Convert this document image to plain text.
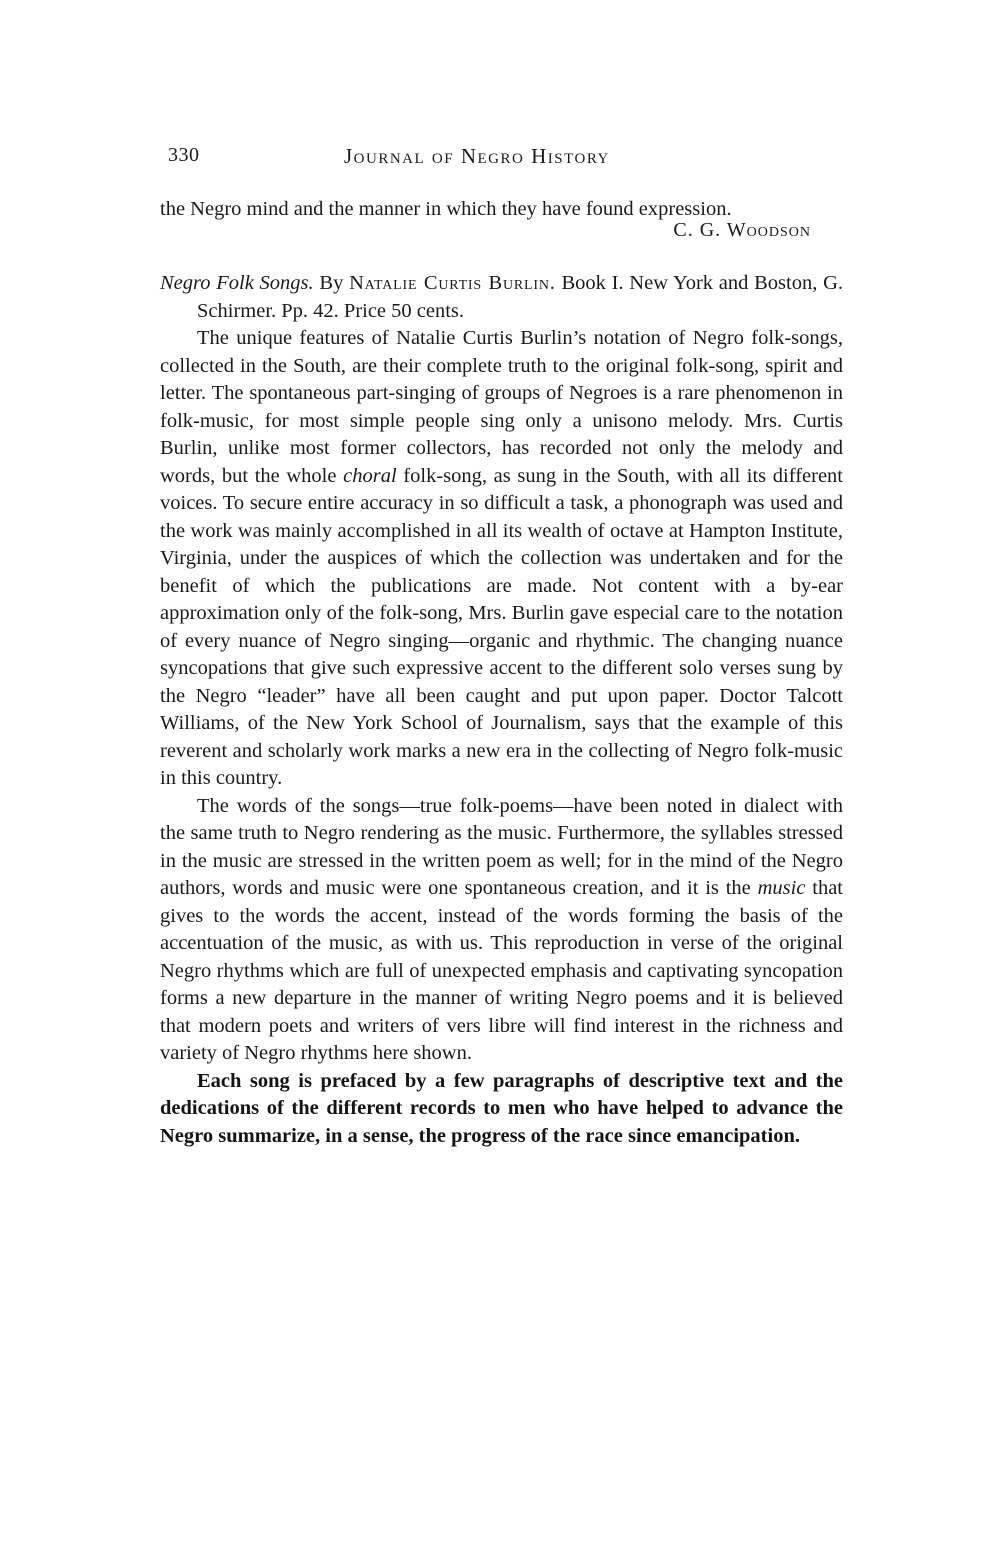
330	Journal of Negro History

the Negro mind and the manner in which they have found expression.

C. G. Woodson

Negro Folk Songs. By Natalie Curtis Burlin. Book I. New York and Boston, G. Schirmer. Pp. 42. Price 50 cents.

The unique features of Natalie Curtis Burlin’s notation of Negro folk-songs, collected in the South, are their complete truth to the original folk-song, spirit and letter. The spontaneous part-singing of groups of Negroes is a rare phenomenon in folk-music, for most simple people sing only a unisono melody. Mrs. Curtis Burlin, unlike most former collectors, has recorded not only the melody and words, but the whole choral folk-song, as sung in the South, with all its different voices. To secure entire accuracy in so difficult a task, a phonograph was used and the work was mainly accomplished in all its wealth of octave at Hampton Institute, Virginia, under the auspices of which the collection was undertaken and for the benefit of which the publications are made. Not content with a by-ear approximation only of the folk-song, Mrs. Burlin gave especial care to the notation of every nuance of Negro singing—organic and rhythmic. The changing nuance syncopations that give such expressive accent to the different solo verses sung by the Negro “leader” have all been caught and put upon paper. Doctor Talcott Williams, of the New York School of Journalism, says that the example of this reverent and scholarly work marks a new era in the collecting of Negro folk-music in this country.

The words of the songs—true folk-poems—have been noted in dialect with the same truth to Negro rendering as the music. Furthermore, the syllables stressed in the music are stressed in the written poem as well; for in the mind of the Negro authors, words and music were one spontaneous creation, and it is the music that gives to the words the accent, instead of the words forming the basis of the accentuation of the music, as with us. This reproduction in verse of the original Negro rhythms which are full of unexpected emphasis and captivating syncopation forms a new departure in the manner of writing Negro poems and it is believed that modern poets and writers of vers libre will find interest in the richness and variety of Negro rhythms here shown.

Each song is prefaced by a few paragraphs of descriptive text and the dedications of the different records to men who have helped to advance the Negro summarize, in a sense, the progress of the race since emancipation.
